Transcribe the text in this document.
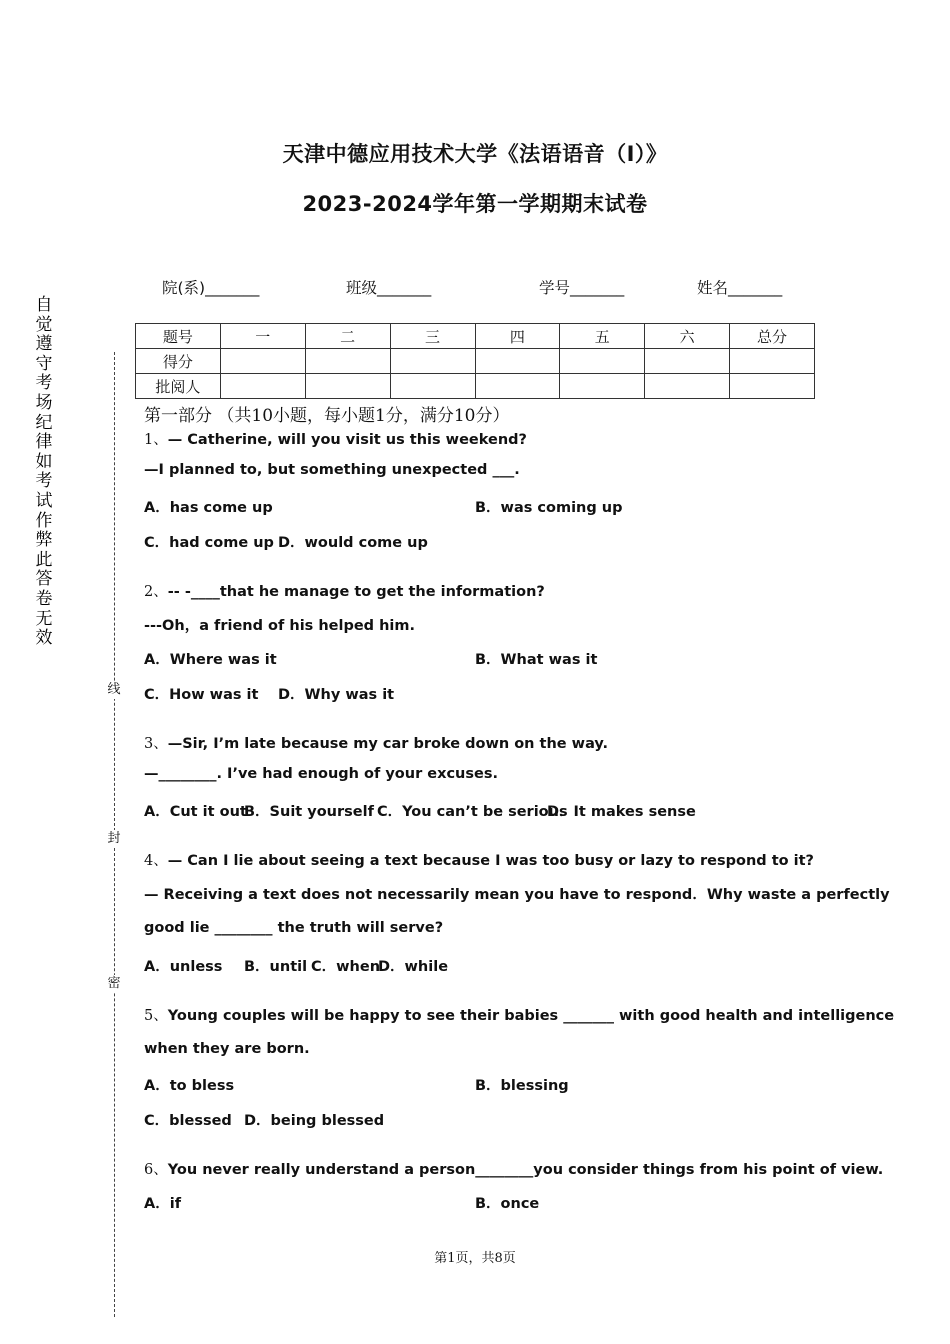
天津中德应用技术大学《法语语音（I）》
2023-2024学年第一学期期末试卷
自
觉
遵
守
考
场
纪
律
如
考
试
作
弊
此
答
卷
无
效
线
封
密
院(系)_______	班级_______	学号_______	姓名_______
题号	一	二	三	四	五	六	总分
得分							
批阅人							
第一部分 （共10小题，每小题1分，满分10分）
1、— Catherine, will you visit us this weekend?
—I planned to, but something unexpected ___.
A．has come up	B．was coming up
C．had come up D．would come up
2、-- -____that he manage to get the information?
---Oh，a friend of his helped him.
A．Where was it	B．What was it
C．How was it D．Why was it
3、—Sir, I’m late because my car broke down on the way.
—________. I’ve had enough of your excuses.
A．Cut it out
B．Suit yourself C．You can’t be serious
D．It makes sense
4、— Can I lie about seeing a text because I was too busy or lazy to respond to it?
— Receiving a text does not necessarily mean you have to respond．Why waste a perfectly
good lie ________ the truth will serve?
A．unless B．until C．when
D．while
5、Young couples will be happy to see their babies _______ with good health and intelligence
when they are born.
A．to bless	B．blessing
C．blessed D．being blessed
6、You never really understand a person________you consider things from his point of view.
A．if	B．once
第1页，共8页
